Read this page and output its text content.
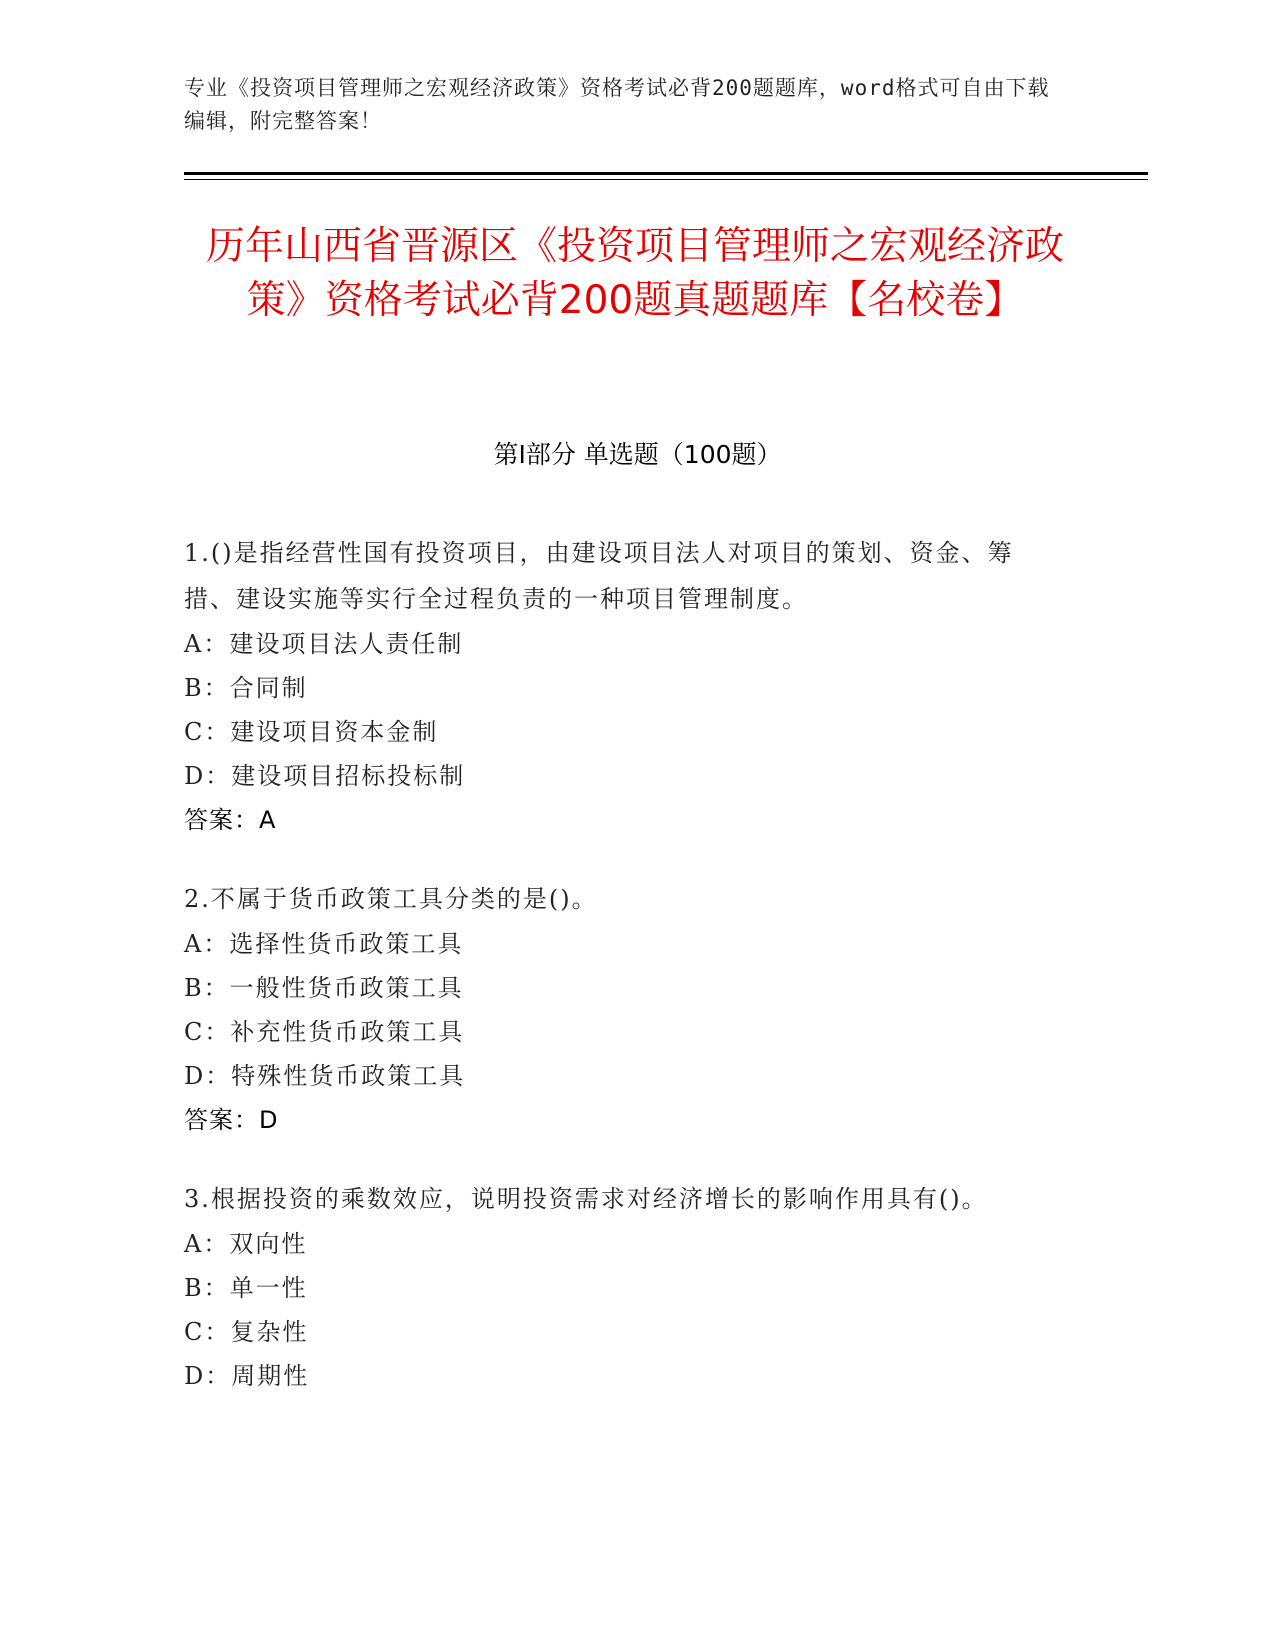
专业《投资项目管理师之宏观经济政策》资格考试必背200题题库，word格式可自由下载编辑，附完整答案！
历年山西省晋源区《投资项目管理师之宏观经济政策》资格考试必背200题真题题库【名校卷】
第Ⅰ部分 单选题（100题）
1.()是指经营性国有投资项目，由建设项目法人对项目的策划、资金、筹措、建设实施等实行全过程负责的一种项目管理制度。
A：建设项目法人责任制
B：合同制
C：建设项目资本金制
D：建设项目招标投标制
答案：A
2.不属于货币政策工具分类的是()。
A：选择性货币政策工具
B：一般性货币政策工具
C：补充性货币政策工具
D：特殊性货币政策工具
答案：D
3.根据投资的乘数效应，说明投资需求对经济增长的影响作用具有()。
A：双向性
B：单一性
C：复杂性
D：周期性
